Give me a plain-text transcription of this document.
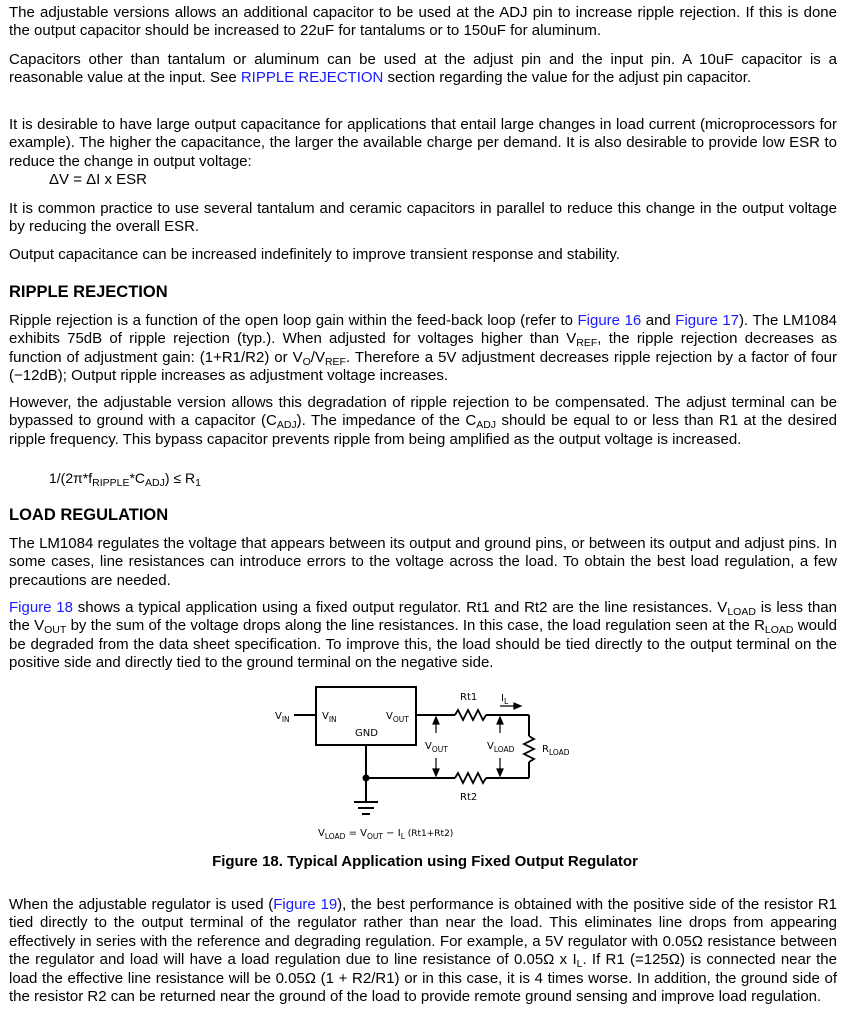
The adjustable versions allows an additional capacitor to be used at the ADJ pin to increase ripple rejection. If this is done the output capacitor should be increased to 22uF for tantalums or to 150uF for aluminum.

Capacitors other than tantalum or aluminum can be used at the adjust pin and the input pin. A 10uF capacitor is a reasonable value at the input. See RIPPLE REJECTION section regarding the value for the adjust pin capacitor.

It is desirable to have large output capacitance for applications that entail large changes in load current (microprocessors for example). The higher the capacitance, the larger the available charge per demand. It is also desirable to provide low ESR to reduce the change in output voltage:

ΔV = ΔI x ESR

It is common practice to use several tantalum and ceramic capacitors in parallel to reduce this change in the output voltage by reducing the overall ESR.

Output capacitance can be increased indefinitely to improve transient response and stability.

RIPPLE REJECTION

Ripple rejection is a function of the open loop gain within the feed-back loop (refer to Figure 16 and Figure 17). The LM1084 exhibits 75dB of ripple rejection (typ.). When adjusted for voltages higher than $V_{REF}$, the ripple rejection decreases as function of adjustment gain: (1+R1/R2) or $V_O/V_{REF}$. Therefore a 5V adjustment decreases ripple rejection by a factor of four (−12dB); Output ripple increases as adjustment voltage increases.

However, the adjustable version allows this degradation of ripple rejection to be compensated. The adjust terminal can be bypassed to ground with a capacitor $(C_{ADJ})$. The impedance of the $C_{ADJ}$ should be equal to or less than R1 at the desired ripple frequency. This bypass capacitor prevents ripple from being amplified as the output voltage is increased.

$1/(2\pi*f_{RIPPLE}*C_{ADJ}) \le R_1$
LOAD REGULATION

The LM1084 regulates the voltage that appears between its output and ground pins, or between its output and adjust pins. In some cases, line resistances can introduce errors to the voltage across the load. To obtain the best load regulation, a few precautions are needed.

Figure 18 shows a typical application using a fixed output regulator. Rt1 and Rt2 are the line resistances. $V_{LOAD}$ is less than the $V_{OUT}$ by the sum of the voltage drops along the line resistances. In this case, the load regulation seen at the $R_{LOAD}$ would be degraded from the data sheet specification. To improve this, the load should be tied directly to the output terminal on the positive side and directly tied to the ground terminal on the negative side.

When the adjustable regulator is used (Figure 19), the best performance is obtained with the positive side of the resistor R1 tied directly to the output terminal of the regulator rather than near the load. This eliminates line drops from appearing effectively in series with the reference and degrading regulation. For example, a 5V regulator with 0.05Ω resistance between the regulator and load will have a load regulation due to line resistance of 0.05Ω x $I_L$. If R1 (=125Ω) is connected near the load the effective line resistance will be 0.05Ω (1 + R2/R1) or in this case, it is 4 times worse. In addition, the ground side of the resistor R2 can be returned near the ground of the load to provide remote ground sensing and improve load regulation.

$V_{IN}$	$V_{IN}$	$V_{OUT}$
GND
Rt1
Rt2
$I_L$
$V_{OUT}$	$V_{LOAD}$	$R_{LOAD}$
$V_{LOAD} = V_{OUT} - I_L$ (Rt1+Rt2)
Figure 18. Typical Application using Fixed Output Regulator
